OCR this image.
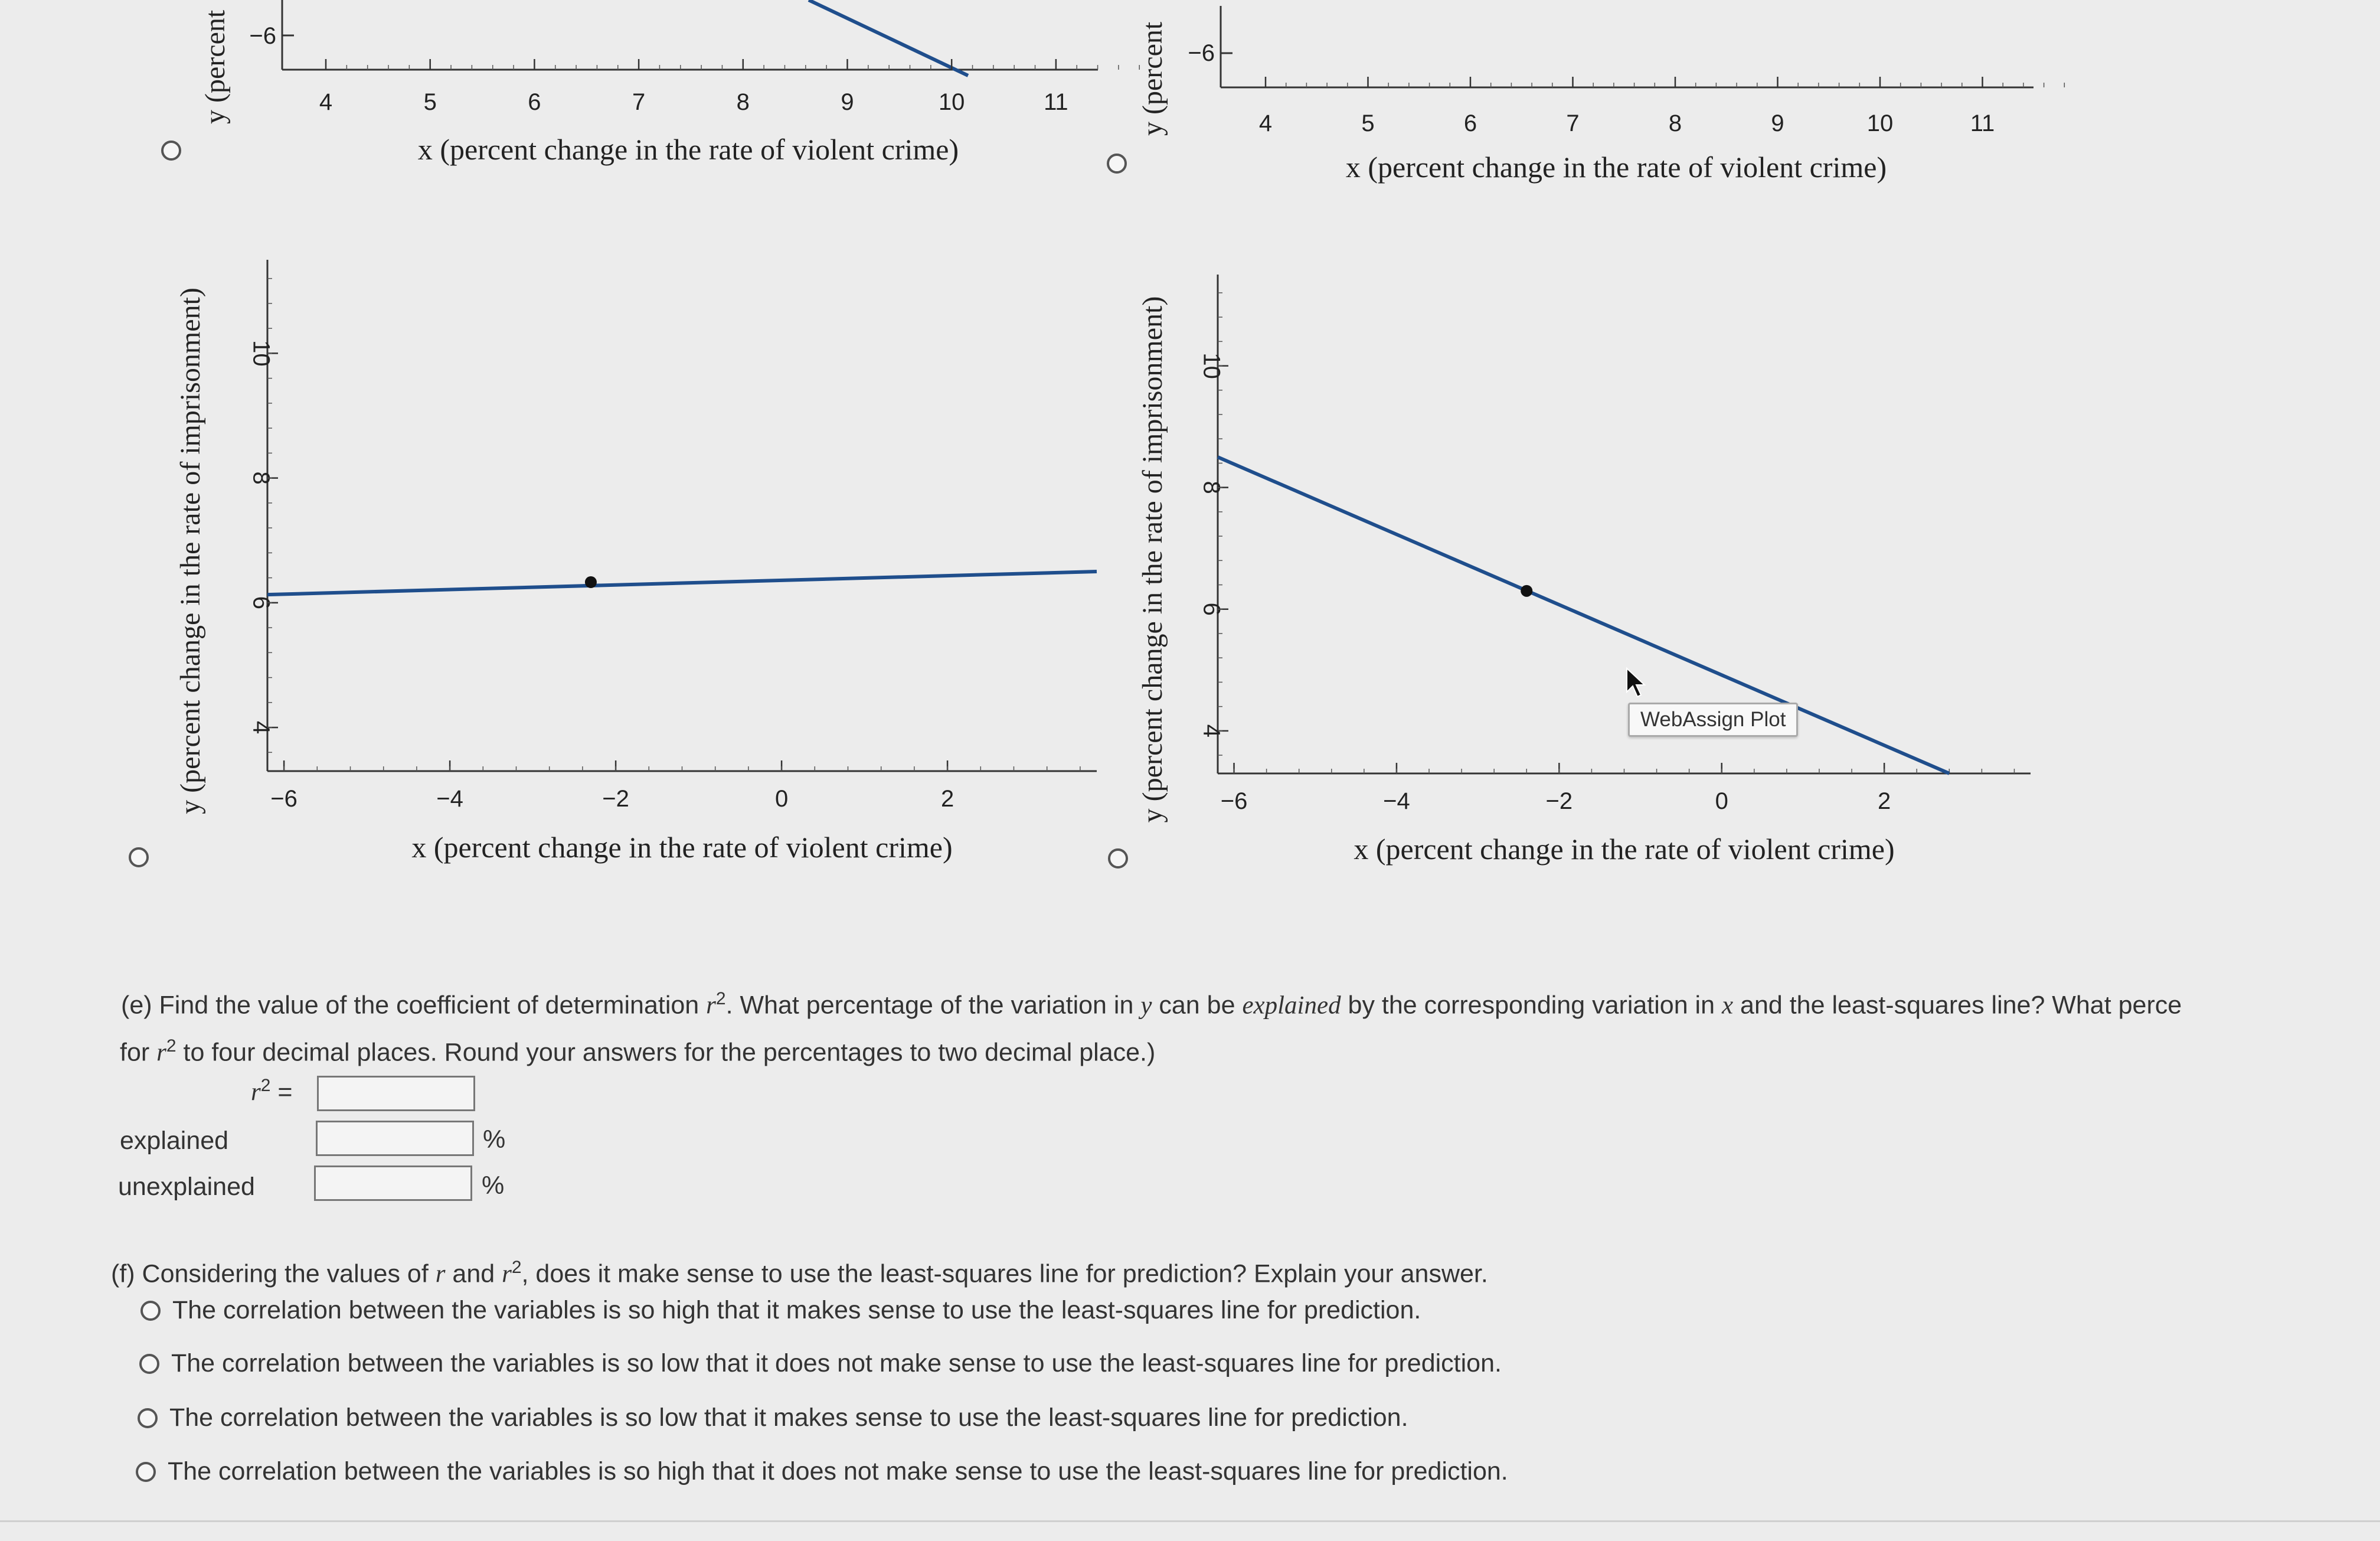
−6
4	5	6	7	8	9	10	11
x (percent change in the rate of violent crime)
y (percent	−6
4	5	6	7	8	9	10	11
x (percent change in the rate of violent crime)
y (percent
−6	−4	−2	0	2
4
6
8
10
y (percent change in the rate of imprisonment)
x (percent change in the rate of violent crime)
−6	−4	−2	0	2
4
6
8
10
y (percent change in the rate of imprisonment)
x (percent change in the rate of violent crime)
WebAssign Plot
(e) Find the value of the coefficient of determination $r^2$. What percentage of the variation in y can be explained by the corresponding variation in x and the least-squares line? What perce
for $r^2$ to four decimal places. Round your answers for the percentages to two decimal place.)
$r^2$ =
explained	%
unexplained	%
(f) Considering the values of r and $r^2$, does it make sense to use the least-squares line for prediction? Explain your answer.
The correlation between the variables is so high that it makes sense to use the least-squares line for prediction.
The correlation between the variables is so low that it does not make sense to use the least-squares line for prediction.
The correlation between the variables is so low that it makes sense to use the least-squares line for prediction.
The correlation between the variables is so high that it does not make sense to use the least-squares line for prediction.
